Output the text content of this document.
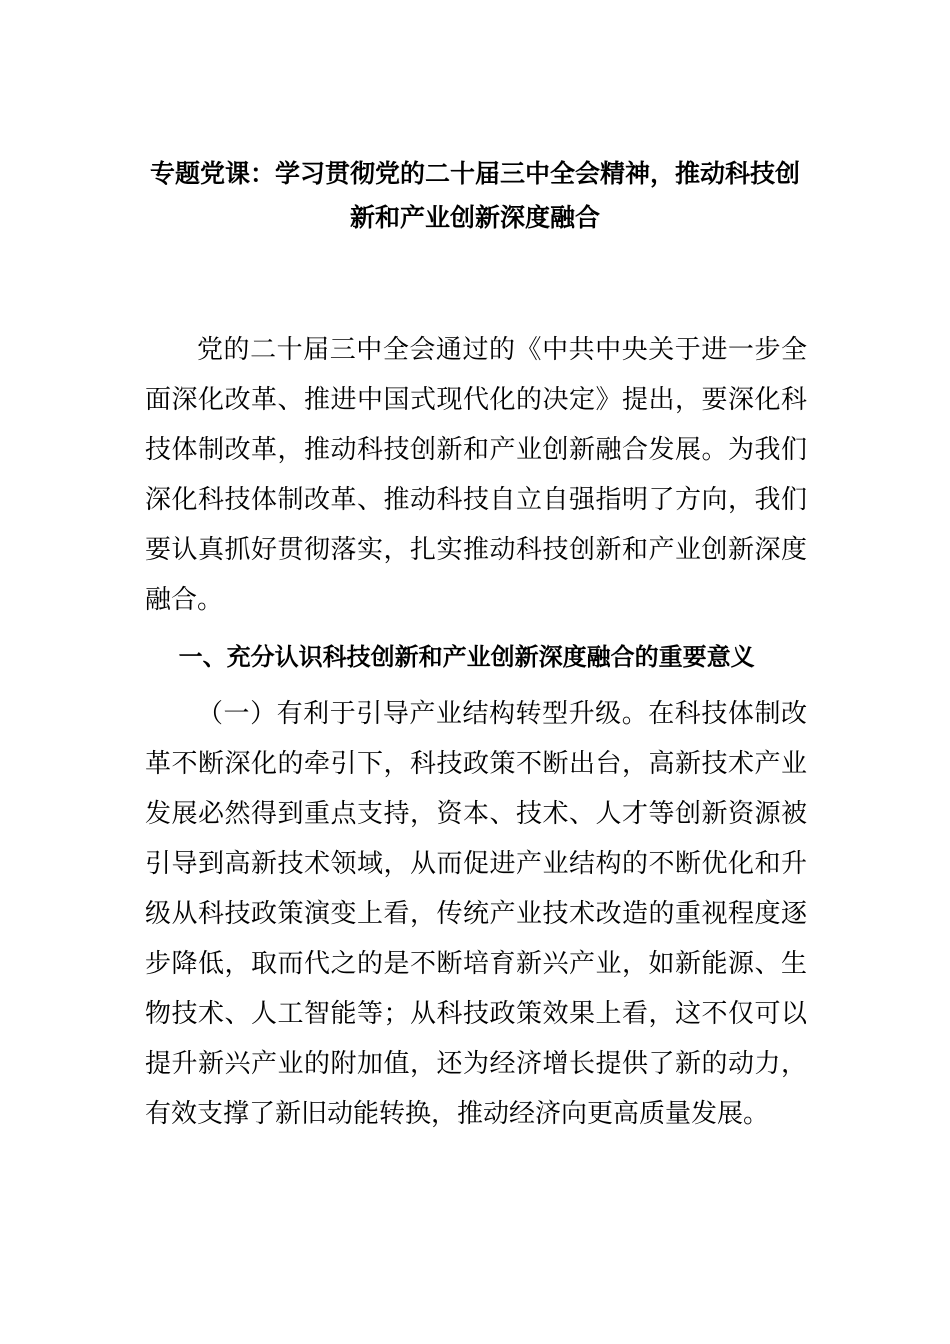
专题党课：学习贯彻党的二十届三中全会精神，推动科技创新和产业创新深度融合

党的二十届三中全会通过的《中共中央关于进一步全面深化改革、推进中国式现代化的决定》提出，要深化科技体制改革，推动科技创新和产业创新融合发展。为我们深化科技体制改革、推动科技自立自强指明了方向，我们要认真抓好贯彻落实，扎实推动科技创新和产业创新深度融合。

一、充分认识科技创新和产业创新深度融合的重要意义

（一）有利于引导产业结构转型升级。在科技体制改革不断深化的牵引下，科技政策不断出台，高新技术产业发展必然得到重点支持，资本、技术、人才等创新资源被引导到高新技术领域，从而促进产业结构的不断优化和升级从科技政策演变上看，传统产业技术改造的重视程度逐步降低，取而代之的是不断培育新兴产业，如新能源、生物技术、人工智能等；从科技政策效果上看，这不仅可以提升新兴产业的附加值，还为经济增长提供了新的动力，有效支撑了新旧动能转换，推动经济向更高质量发展。
